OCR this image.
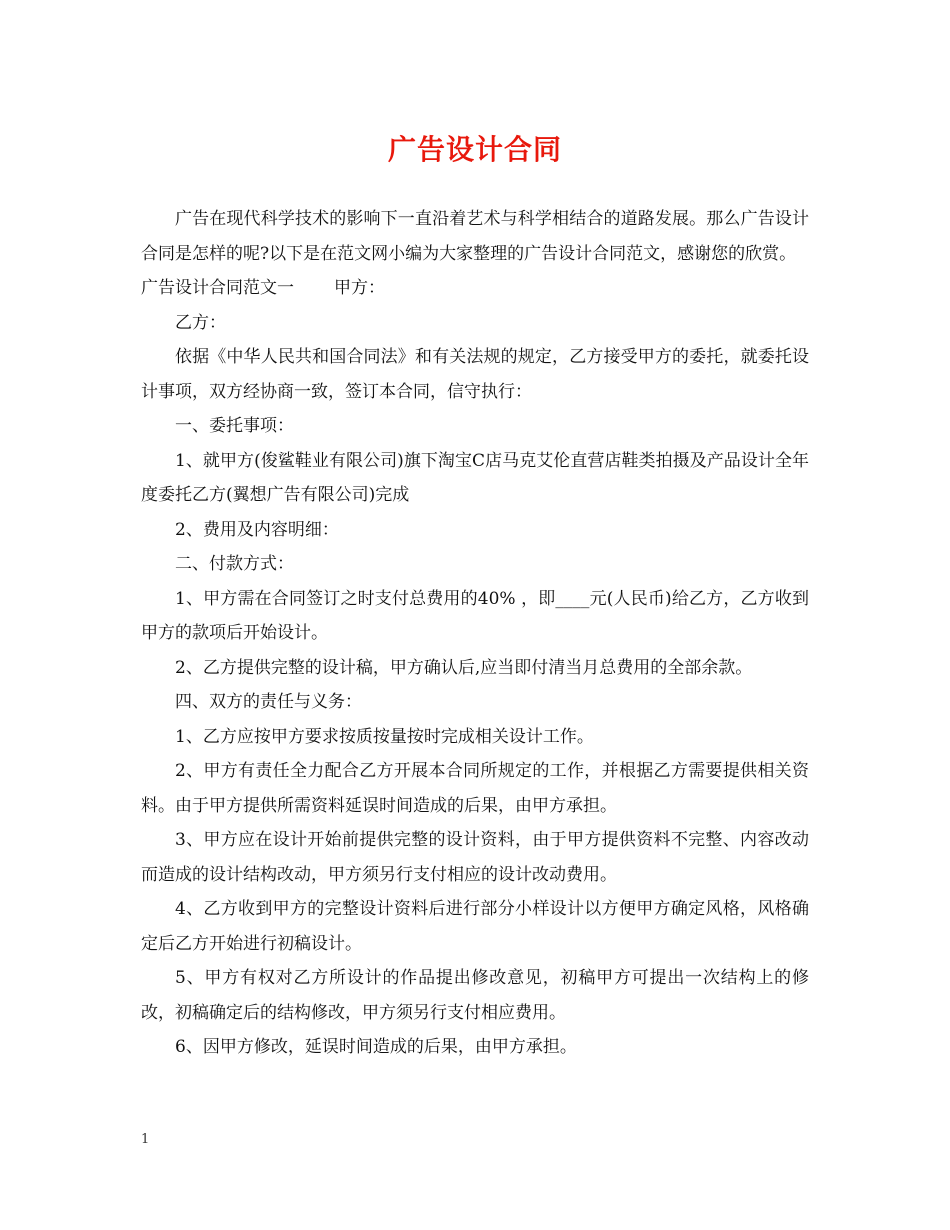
广告设计合同

广告在现代科学技术的影响下一直沿着艺术与科学相结合的道路发展。那么广告设计合同是怎样的呢?以下是在范文网小编为大家整理的广告设计合同范文，感谢您的欣赏。

广告设计合同范文一 甲方：

乙方：

依据《中华人民共和国合同法》和有关法规的规定，乙方接受甲方的委托，就委托设计事项，双方经协商一致，签订本合同，信守执行：

一、委托事项：

1、就甲方(俊鲨鞋业有限公司)旗下淘宝C店马克艾伦直营店鞋类拍摄及产品设计全年度委托乙方(翼想广告有限公司)完成

2、费用及内容明细：

二、付款方式：

1、甲方需在合同签订之时支付总费用的40% ，即____元(人民币)给乙方，乙方收到甲方的款项后开始设计。

2、乙方提供完整的设计稿，甲方确认后,应当即付清当月总费用的全部余款。

四、双方的责任与义务：

1、乙方应按甲方要求按质按量按时完成相关设计工作。

2、甲方有责任全力配合乙方开展本合同所规定的工作，并根据乙方需要提供相关资料。由于甲方提供所需资料延误时间造成的后果，由甲方承担。

3、甲方应在设计开始前提供完整的设计资料，由于甲方提供资料不完整、内容改动而造成的设计结构改动，甲方须另行支付相应的设计改动费用。

4、乙方收到甲方的完整设计资料后进行部分小样设计以方便甲方确定风格，风格确定后乙方开始进行初稿设计。

5、甲方有权对乙方所设计的作品提出修改意见，初稿甲方可提出一次结构上的修改，初稿确定后的结构修改，甲方须另行支付相应费用。

6、因甲方修改，延误时间造成的后果，由甲方承担。

1
